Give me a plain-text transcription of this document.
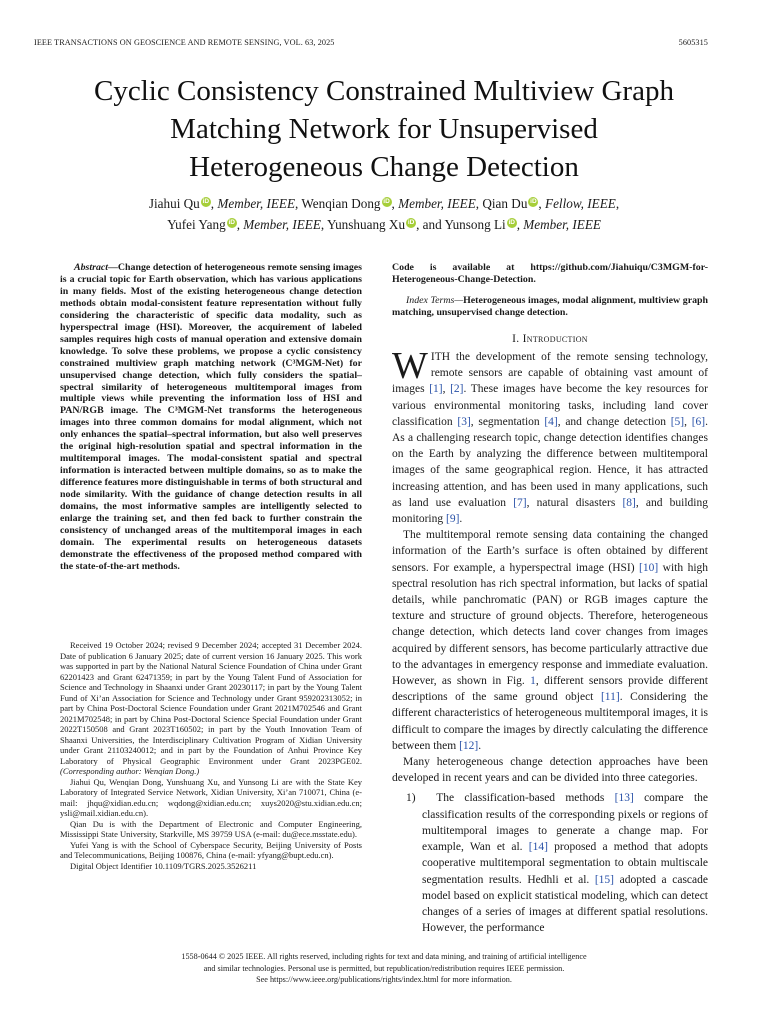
IEEE TRANSACTIONS ON GEOSCIENCE AND REMOTE SENSING, VOL. 63, 2025	5605315
Cyclic Consistency Constrained Multiview Graph
Matching Network for Unsupervised
Heterogeneous Change Detection
Jiahui Qu iD , Member, IEEE, Wenqian Dong iD , Member, IEEE, Qian Du iD , Fellow, IEEE,
Yufei Yang iD , Member, IEEE, Yunshuang Xu iD , and Yunsong Li iD , Member, IEEE

Abstract—Change detection of heterogeneous remote sensing images is a crucial topic for Earth observation, which has various applications in many fields. Most of the existing heterogeneous change detection methods obtain modal-consistent feature representation without fully considering the characteristic of specific data modality, such as hyperspectral image (HSI). Moreover, the acquirement of labeled samples requires high costs of manual operation and extensive domain knowledge. To solve these problems, we propose a cyclic consistency constrained multiview graph matching network (C³MGM-Net) for unsupervised change detection, which fully considers the spatial–spectral similarity of heterogeneous multitemporal images from multiple views while preventing the information loss of HSI and PAN/RGB image. The C³MGM-Net transforms the heterogeneous images into three common domains for modal alignment, which not only enhances the spatial–spectral information, but also well preserves the original high-resolution spatial and spectral information in the multitemporal images. The modal-consistent spatial and spectral information is interacted between multiple domains, so as to make the difference features more distinguishable in terms of both structural and node similarity. With the guidance of change detection results in all domains, the most informative samples are intelligently selected to enlarge the training set, and then fed back to further constrain the consistency of unchanged areas of the multitemporal images in each domain. The experimental results on heterogeneous datasets demonstrate the effectiveness of the proposed method compared with the state-of-the-art methods.

Received 19 October 2024; revised 9 December 2024; accepted 31 December 2024. Date of publication 6 January 2025; date of current version 16 January 2025. This work was supported in part by the National Natural Science Foundation of China under Grant 62201423 and Grant 62471359; in part by the Young Talent Fund of Association for Science and Technology in Shaanxi under Grant 20230117; in part by the Young Talent Fund of Xi’an Association for Science and Technology under Grant 959202313052; in part by China Post-Doctoral Science Foundation under Grant 2021M702546 and Grant 2021M702548; in part by China Post-Doctoral Science Special Foundation under Grant 2022T150508 and Grant 2023T160502; in part by the Youth Innovation Team of Shaanxi Universities, the Interdisciplinary Cultivation Program of Xidian University under Grant 21103240012; and in part by the Foundation of Anhui Province Key Laboratory of Physical Geographic Environment under Grant 2023PGE02. (Corresponding author: Wenqian Dong.)

Jiahui Qu, Wenqian Dong, Yunshuang Xu, and Yunsong Li are with the State Key Laboratory of Integrated Service Network, Xidian University, Xi’an 710071, China (e-mail: jhqu@xidian.edu.cn; wqdong@xidian.edu.cn; xuys2020@stu.xidian.edu.cn; ysli@mail.xidian.edu.cn).

Qian Du is with the Department of Electronic and Computer Engineering, Mississippi State University, Starkville, MS 39759 USA (e-mail: du@ece.msstate.edu).

Yufei Yang is with the School of Cyberspace Security, Beijing University of Posts and Telecommunications, Beijing 100876, China (e-mail: yfyang@bupt.edu.cn).

Digital Object Identifier 10.1109/TGRS.2025.3526211

Code is available at https://github.com/Jiahuiqu/C3MGM-for-Heterogeneous-Change-Detection.

Index Terms—Heterogeneous images, modal alignment, multiview graph matching, unsupervised change detection.

I. Introduction

WITH the development of the remote sensing technology, remote sensors are capable of obtaining vast amount of images [1], [2]. These images have become the key resources for various environmental monitoring tasks, including land cover classification [3], segmentation [4], and change detection [5], [6]. As a challenging research topic, change detection identifies changes on the Earth by analyzing the difference between multitemporal images of the same geographical region. Hence, it has attracted increasing attention, and has been used in many applications, such as land use evaluation [7], natural disasters [8], and building monitoring [9].

The multitemporal remote sensing data containing the changed information of the Earth’s surface is often obtained by different sensors. For example, a hyperspectral image (HSI) [10] with high spectral resolution has rich spectral information, but lacks of spatial details, while panchromatic (PAN) or RGB images capture the texture and structure of ground objects. Therefore, heterogeneous change detection, which detects land cover changes from images acquired by different sensors, has become particularly attractive due to the advantages in emergency response and immediate evaluation. However, as shown in Fig. 1, different sensors provide different descriptions of the same ground object [11]. Considering the different characteristics of heterogeneous multitemporal images, it is difficult to compare the images by directly calculating the difference between them [12].

Many heterogeneous change detection approaches have been developed in recent years and can be divided into three categories.

1) The classification-based methods [13] compare the classification results of the corresponding pixels or regions of multitemporal images to generate a change map. For example, Wan et al. [14] proposed a method that adopts cooperative multitemporal segmentation to obtain multiscale segmentation results. Hedhli et al. [15] adopted a cascade model based on explicit statistical modeling, which can detect changes of a series of images at different spatial resolutions. However, the performance

1558-0644 © 2025 IEEE. All rights reserved, including rights for text and data mining, and training of artificial intelligence
and similar technologies. Personal use is permitted, but republication/redistribution requires IEEE permission.
See https://www.ieee.org/publications/rights/index.html for more information.
